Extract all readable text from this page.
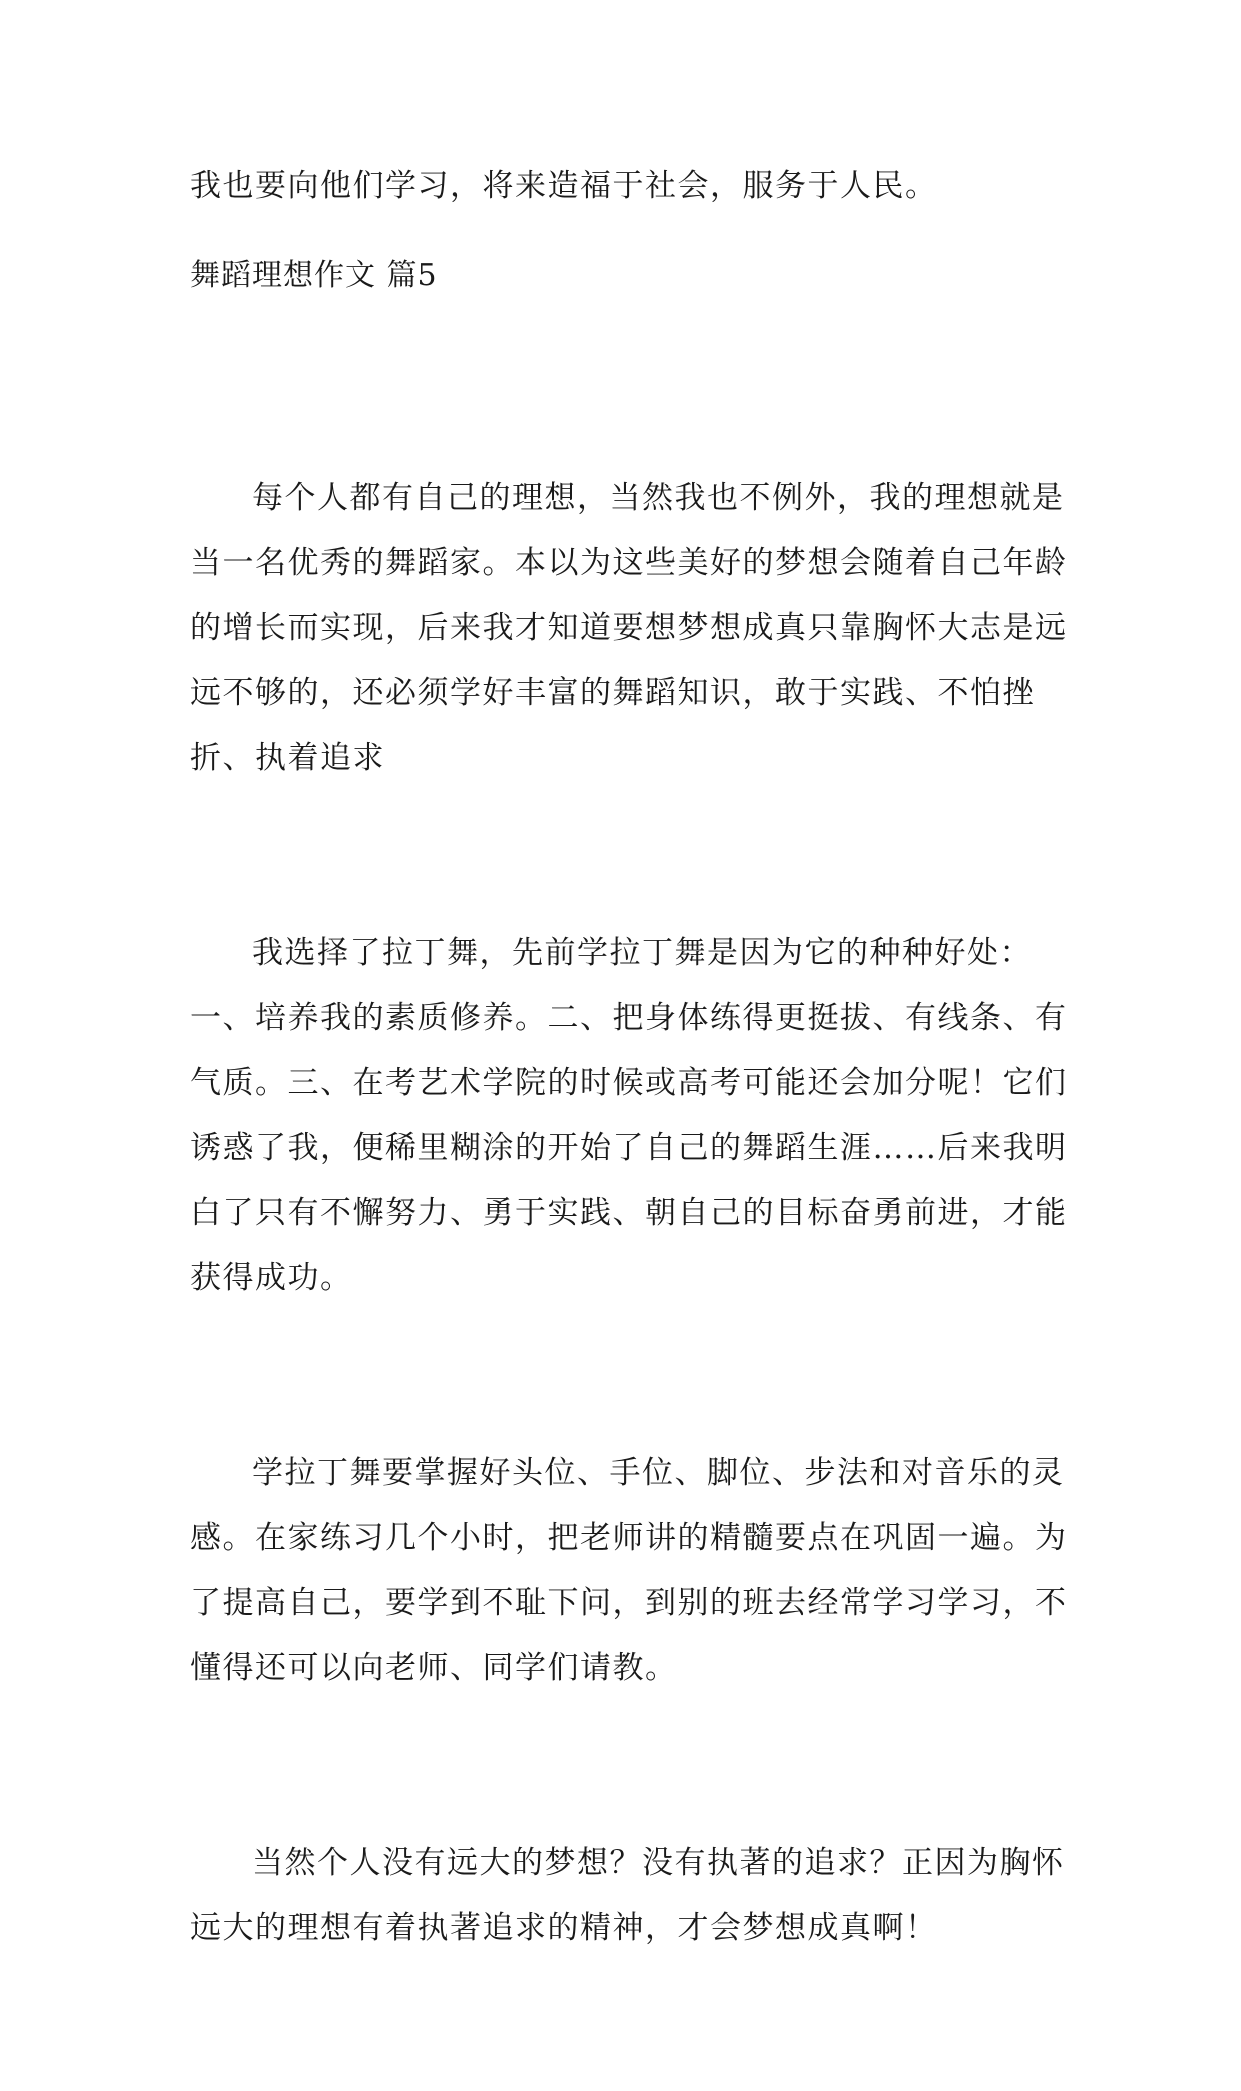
我也要向他们学习，将来造福于社会，服务于人民。
舞蹈理想作文 篇5

每个人都有自己的理想，当然我也不例外，我的理想就是当一名优秀的舞蹈家。本以为这些美好的梦想会随着自己年龄的增长而实现，后来我才知道要想梦想成真只靠胸怀大志是远远不够的，还必须学好丰富的舞蹈知识，敢于实践、不怕挫折、执着追求

我选择了拉丁舞，先前学拉丁舞是因为它的种种好处：一、培养我的素质修养。二、把身体练得更挺拔、有线条、有气质。三、在考艺术学院的时候或高考可能还会加分呢！它们诱惑了我，便稀里糊涂的开始了自己的舞蹈生涯……后来我明白了只有不懈努力、勇于实践、朝自己的目标奋勇前进，才能获得成功。

学拉丁舞要掌握好头位、手位、脚位、步法和对音乐的灵感。在家练习几个小时，把老师讲的精髓要点在巩固一遍。为了提高自己，要学到不耻下问，到别的班去经常学习学习，不懂得还可以向老师、同学们请教。

当然个人没有远大的梦想？没有执著的追求？正因为胸怀远大的理想有着执著追求的精神，才会梦想成真啊！
